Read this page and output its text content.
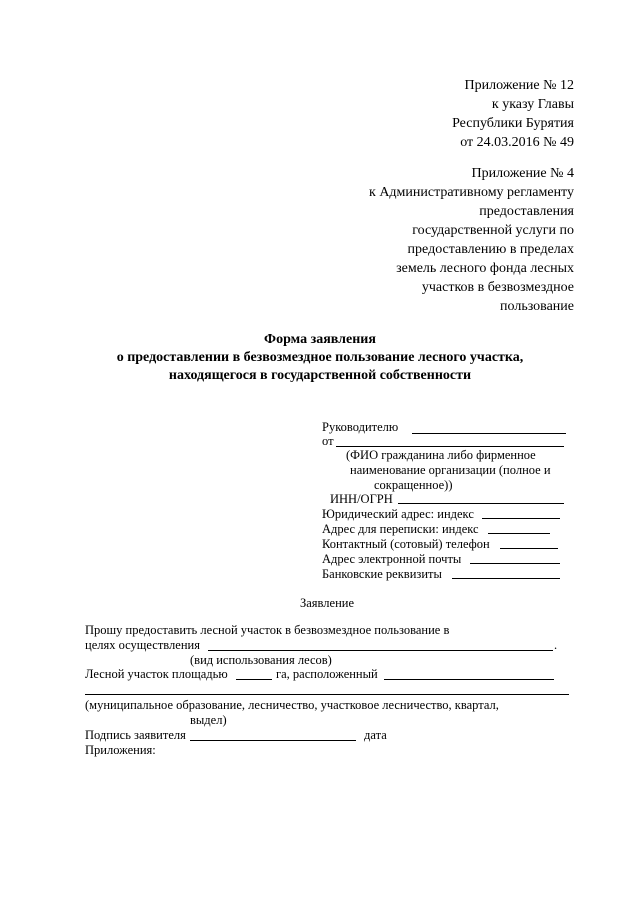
Приложение № 12
к указу Главы
Республики Бурятия
от 24.03.2016 № 49
Приложение № 4
к Административному регламенту
предоставления
государственной услуги по
предоставлению в пределах
земель лесного фонда лесных
участков в безвозмездное
пользование
Форма заявления
о предоставлении в безвозмездное пользование лесного участка,
находящегося в государственной собственности
Руководителю
от
(ФИО гражданина либо фирменное
наименование организации (полное и
сокращенное))
ИНН/ОГРН
Юридический адрес: индекс
Адрес для переписки: индекс
Контактный (сотовый) телефон
Адрес электронной почты
Банковские реквизиты
Заявление
Прошу предоставить лесной участок в безвозмездное пользование в
целях осуществления	.
(вид использования лесов)
Лесной участок площадью	га, расположенный
(муниципальное образование, лесничество, участковое лесничество, квартал,
выдел)
Подпись заявителя	дата
Приложения:
